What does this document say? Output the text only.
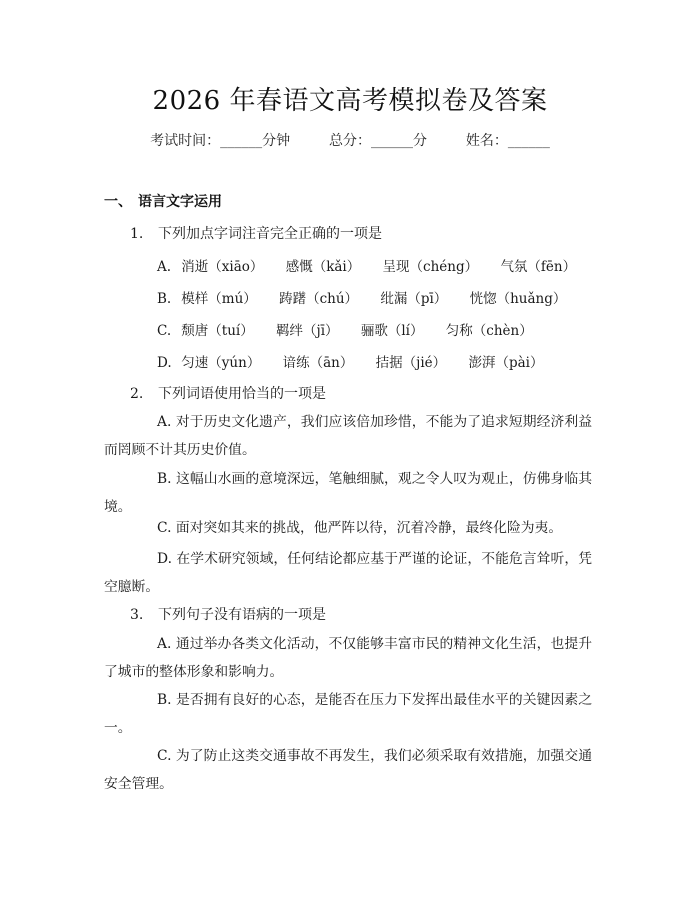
2026 年春语文高考模拟卷及答案
考试时间：______分钟	总分：______分	姓名：______
一、 语言文字运用
1. 下列加点字词注音完全正确的一项是
A. 消逝（xiāo） 感慨（kǎi） 呈现（chéng） 气氛（fēn）
B. 模样（mú） 踌躇（chú） 纰漏（pī） 恍惚（huǎng）
C. 颓唐（tuí） 羁绊（jī） 骊歌（lí） 匀称（chèn）
D. 匀速（yún） 谙练（ān） 拮据（jié） 澎湃（pài）
2. 下列词语使用恰当的一项是
A. 对于历史文化遗产，我们应该倍加珍惜，不能为了追求短期经济利益而罔顾不计其历史价值。
B. 这幅山水画的意境深远，笔触细腻，观之令人叹为观止，仿佛身临其境。
C. 面对突如其来的挑战，他严阵以待，沉着冷静，最终化险为夷。
D. 在学术研究领域，任何结论都应基于严谨的论证，不能危言耸听，凭空臆断。
3. 下列句子没有语病的一项是
A. 通过举办各类文化活动，不仅能够丰富市民的精神文化生活，也提升了城市的整体形象和影响力。
B. 是否拥有良好的心态，是能否在压力下发挥出最佳水平的关键因素之一。
C. 为了防止这类交通事故不再发生，我们必须采取有效措施，加强交通安全管理。
